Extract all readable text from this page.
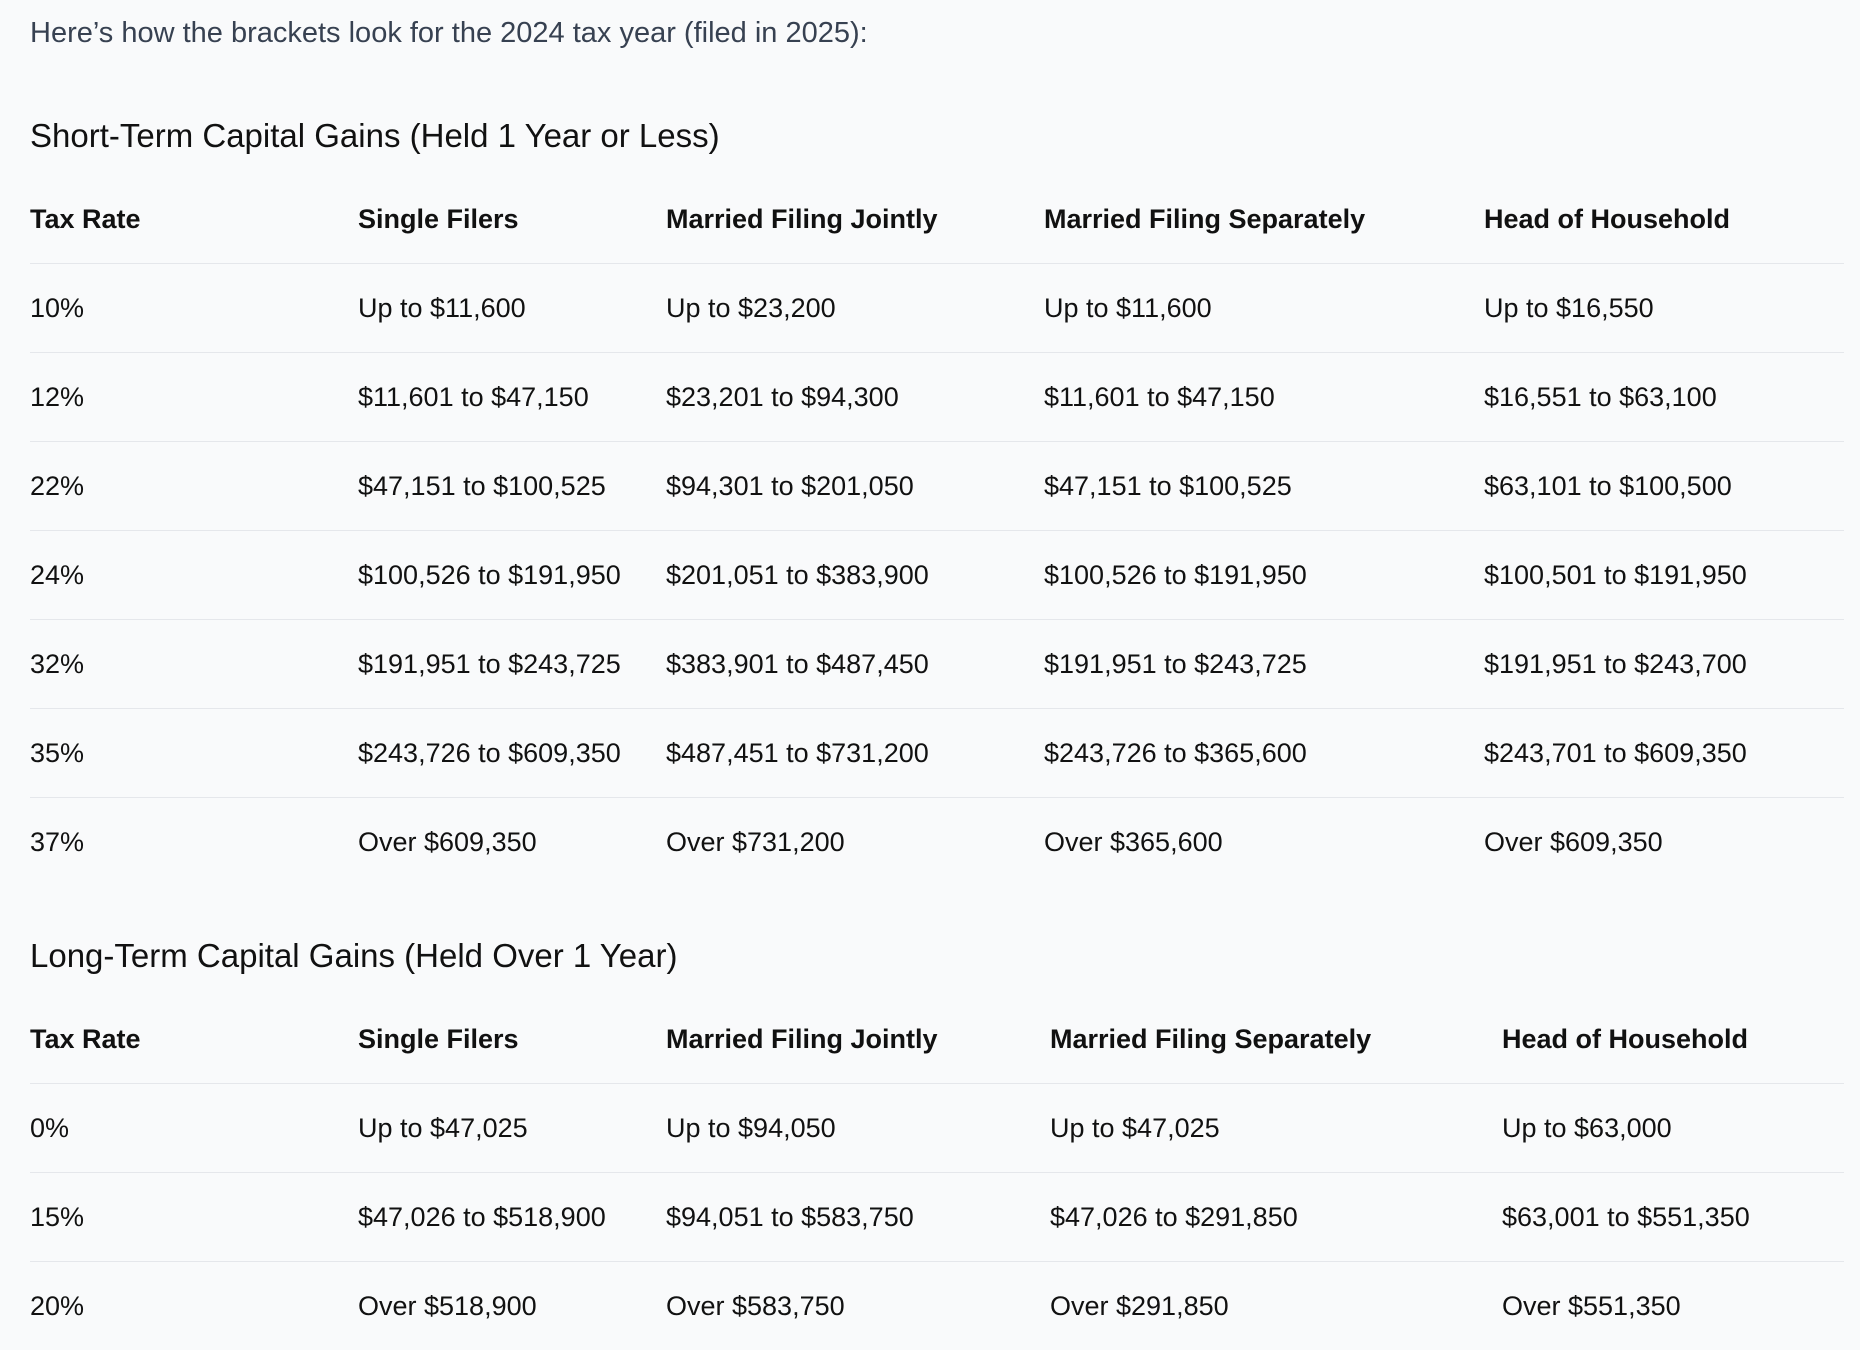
Here’s how the brackets look for the 2024 tax year (filed in 2025):
Short-Term Capital Gains (Held 1 Year or Less)
Tax Rate	Single Filers	Married Filing Jointly	Married Filing Separately	Head of Household
10%	Up to $11,600	Up to $23,200	Up to $11,600	Up to $16,550
12%	$11,601 to $47,150	$23,201 to $94,300	$11,601 to $47,150	$16,551 to $63,100
22%	$47,151 to $100,525	$94,301 to $201,050	$47,151 to $100,525	$63,101 to $100,500
24%	$100,526 to $191,950	$201,051 to $383,900	$100,526 to $191,950	$100,501 to $191,950
32%	$191,951 to $243,725	$383,901 to $487,450	$191,951 to $243,725	$191,951 to $243,700
35%	$243,726 to $609,350	$487,451 to $731,200	$243,726 to $365,600	$243,701 to $609,350
37%	Over $609,350	Over $731,200	Over $365,600	Over $609,350
Long-Term Capital Gains (Held Over 1 Year)
Tax Rate	Single Filers	Married Filing Jointly	Married Filing Separately	Head of Household
0%	Up to $47,025	Up to $94,050	Up to $47,025	Up to $63,000
15%	$47,026 to $518,900	$94,051 to $583,750	$47,026 to $291,850	$63,001 to $551,350
20%	Over $518,900	Over $583,750	Over $291,850	Over $551,350
